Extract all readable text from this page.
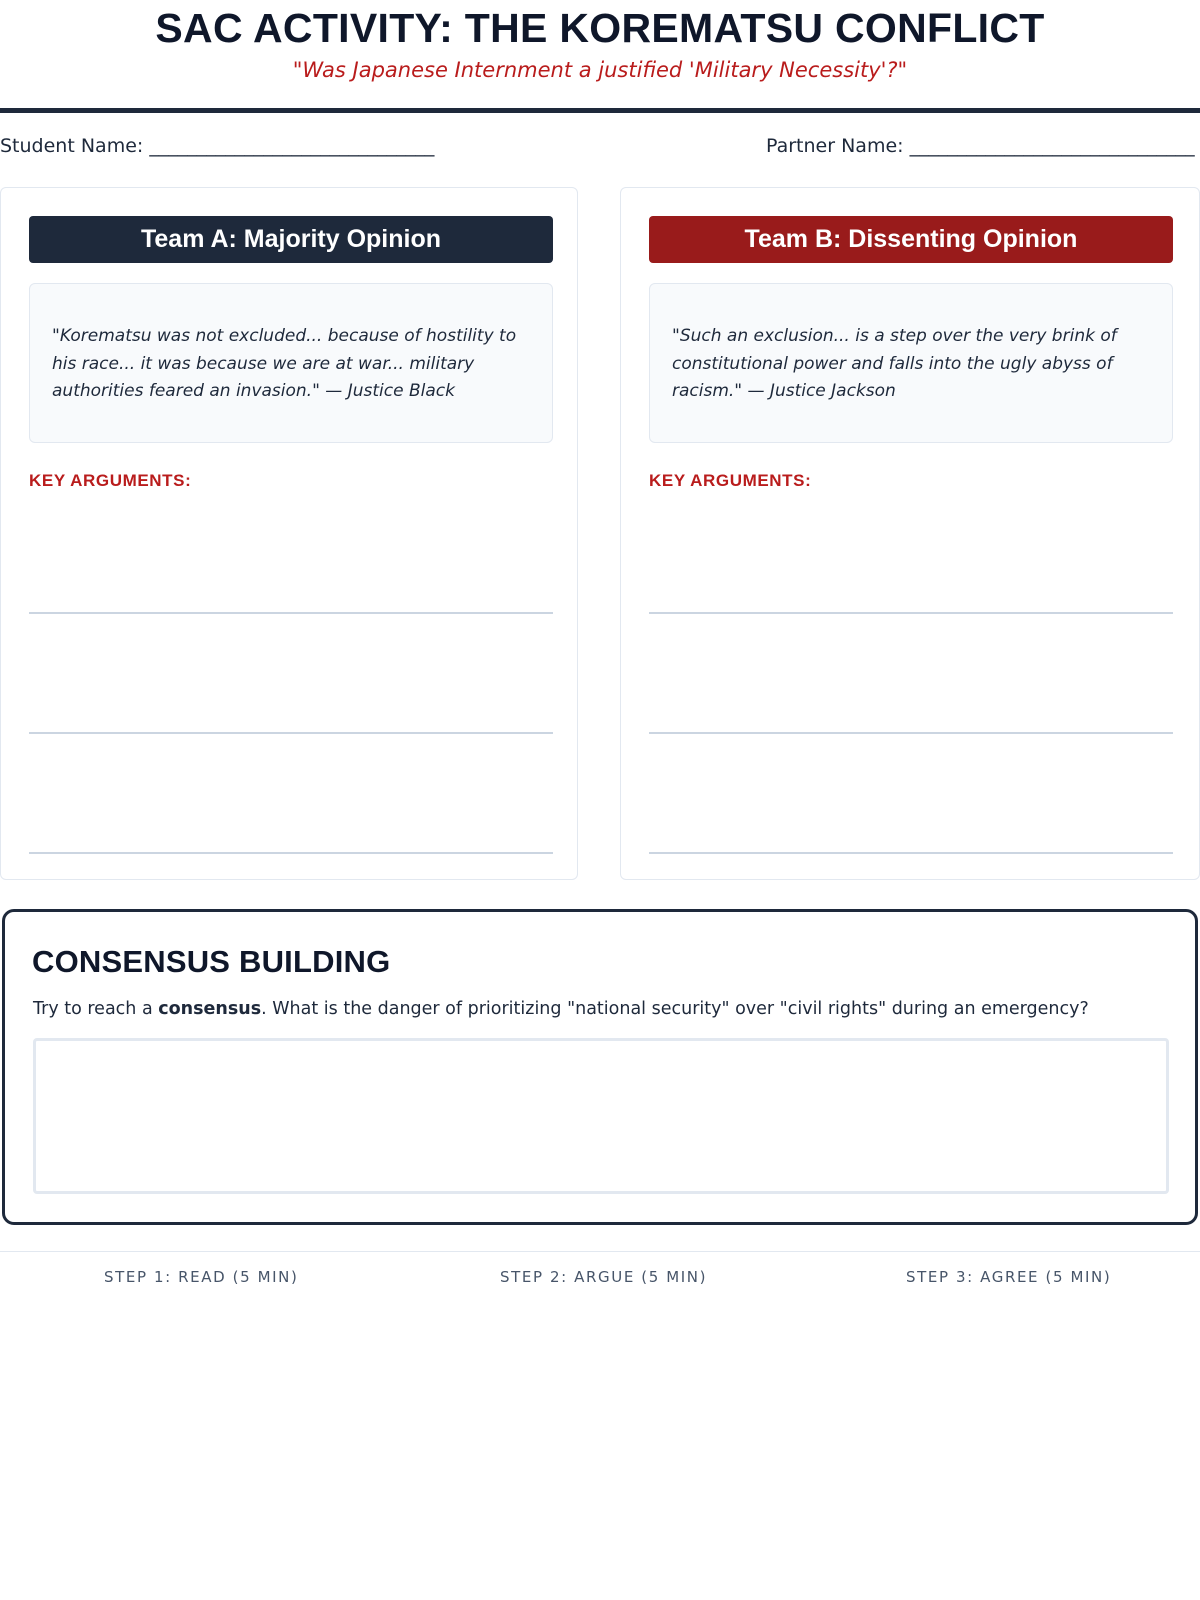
SAC ACTIVITY: THE KOREMATSU CONFLICT
"Was Japanese Internment a justified 'Military Necessity'?"
Student Name: ______________________________	Partner Name: ______________________________
Team A: Majority Opinion
"Korematsu was not excluded... because of hostility to his race... it was because we are at war... military authorities feared an invasion." — Justice Black
KEY ARGUMENTS:
Team B: Dissenting Opinion
"Such an exclusion... is a step over the very brink of constitutional power and falls into the ugly abyss of racism." — Justice Jackson
KEY ARGUMENTS:
CONSENSUS BUILDING
Try to reach a consensus. What is the danger of prioritizing "national security" over "civil rights" during an emergency?
STEP 1: READ (5 MIN)	STEP 2: ARGUE (5 MIN)	STEP 3: AGREE (5 MIN)
